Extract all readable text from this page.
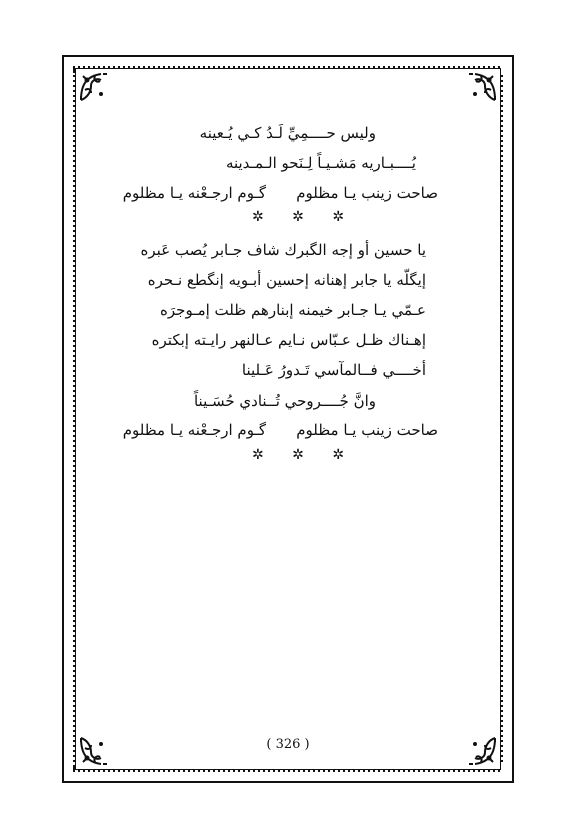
وليس حــــمِيِّ لَـدُ كـي يُـعينه
يُــــبـاريه مَشـيـاً لِـنَحو الـمـدينه
صاحت زينب يـا مظلوم
گـوم ارجـعْنه يـا مظلوم
✲ ✲ ✲
يا حسين أو إجه الگبرك شاف جـابر يُصب عَبره
إيگلّه يا جابر إهنانه إحسين أبـويه إنگطع نـحره
عـمّي يـا جـابر خيمنه إبنارهم ظلت إمـوجرَه
إهـناك ظـل عـبّاس نـايم عـالنهر رايـته إبكتره
أخــــي فــالمآسي تَـدورُ عَـلينا
وانَّ جُــــروحي تُــنادي حُسَـيناً
صاحت زينب يـا مظلوم
گـوم ارجـعْنه يـا مظلوم
✲ ✲ ✲
( 326 )
